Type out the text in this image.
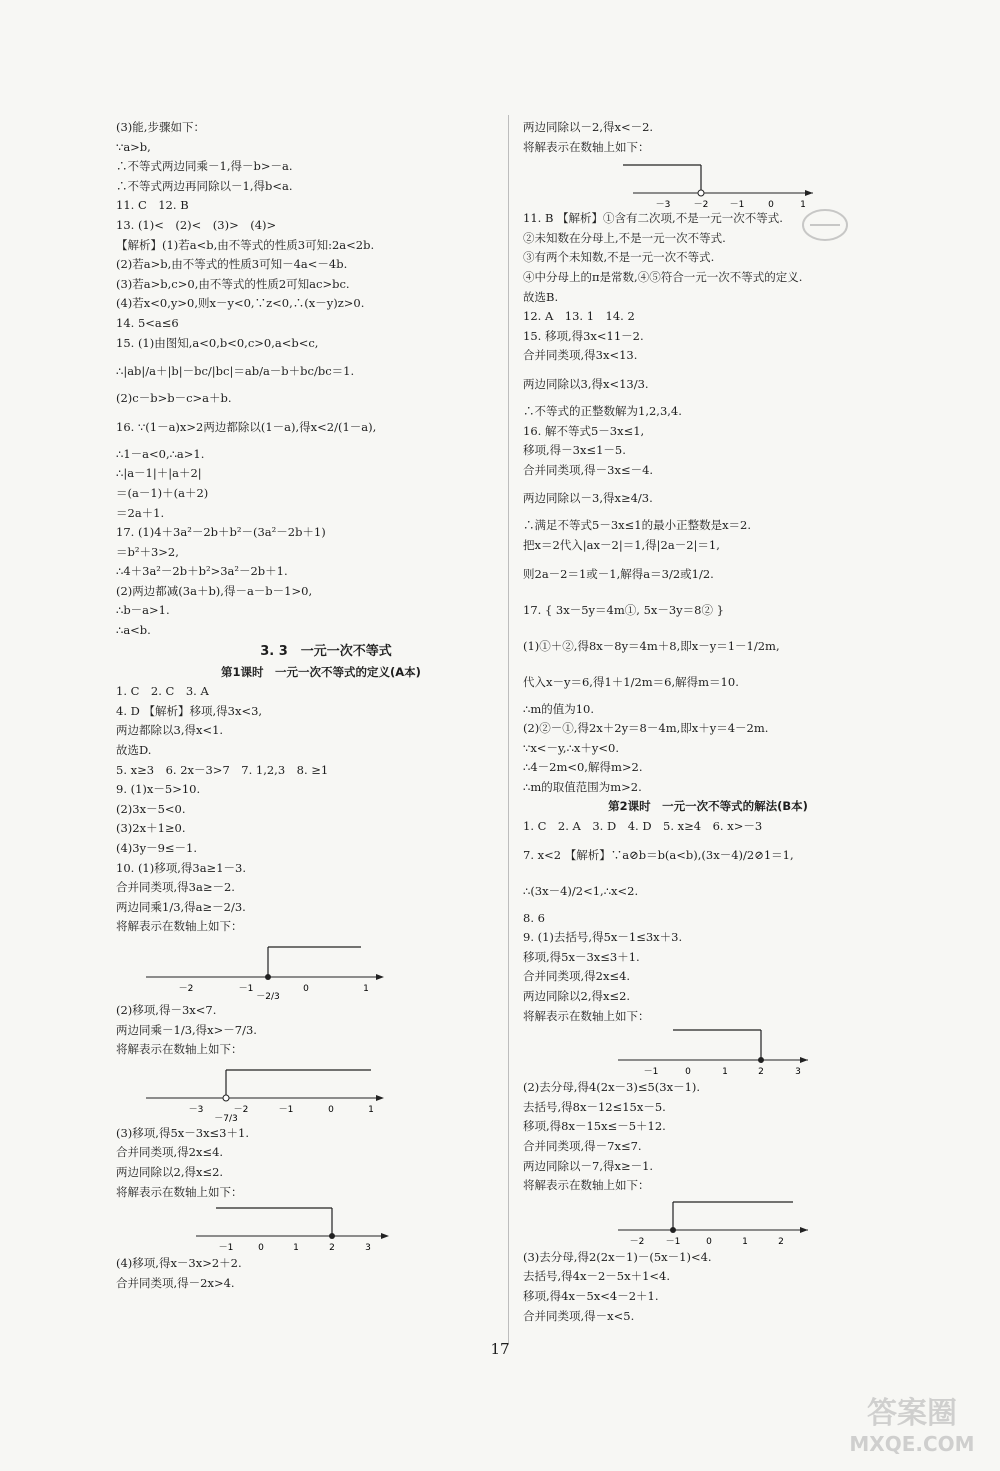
(3)能,步骤如下：
∵a>b,
∴不等式两边同乘－1,得－b>－a.
∴不等式两边再同除以－1,得b<a.
11. C　12. B
13. (1)<　(2)<　(3)>　(4)>
【解析】(1)若a<b,由不等式的性质3可知:2a<2b.
(2)若a>b,由不等式的性质3可知－4a<－4b.
(3)若a>b,c>0,由不等式的性质2可知ac>bc.
(4)若x<0,y>0,则x－y<0,∵z<0,∴(x－y)z>0.
14. 5<a≤6
15. (1)由图知,a<0,b<0,c>0,a<b<c,
∴|ab|/a＋|b|－bc/|bc|＝ab/a－b＋bc/bc＝1.
(2)c－b>b－c>a＋b.
16. ∵(1－a)x>2两边都除以(1－a),得x<2/(1－a),
∴1－a<0,∴a>1.
∴|a－1|＋|a＋2|
＝(a－1)＋(a＋2)
＝2a＋1.
17. (1)4＋3a²－2b＋b²－(3a²－2b＋1)
＝b²＋3>2,
∴4＋3a²－2b＋b²>3a²－2b＋1.
(2)两边都减(3a＋b),得－a－b－1>0,
∴b－a>1.
∴a<b.
3. 3　一元一次不等式
第1课时　一元一次不等式的定义(A本)
1. C　2. C　3. A
4. D 【解析】移项,得3x<3,
两边都除以3,得x<1.
故选D.
5. x≥3　6. 2x－3>7　7. 1,2,3　8. ≥1
9. (1)x－5>10.
(2)3x－5<0.
(3)2x＋1≥0.
(4)3y－9≤－1.
10. (1)移项,得3a≥1－3.
合并同类项,得3a≥－2.
两边同乘1/3,得a≥－2/3.
将解表示在数轴上如下：
－2	－1
－2/3
0	1
(2)移项,得－3x<7.
两边同乘－1/3,得x>－7/3.
将解表示在数轴上如下：
－3
－7/3
－2	－1	0	1
(3)移项,得5x－3x≤3＋1.
合并同类项,得2x≤4.
两边同除以2,得x≤2.
将解表示在数轴上如下：
－1	0	1	2	3
(4)移项,得x－3x>2＋2.
合并同类项,得－2x>4.
两边同除以－2,得x<－2.
将解表示在数轴上如下：
－3	－2 －1	0	1
11. B 【解析】①含有二次项,不是一元一次不等式.
②未知数在分母上,不是一元一次不等式.
③有两个未知数,不是一元一次不等式.
④中分母上的π是常数,④⑤符合一元一次不等式的定义.
故选B.
12. A　13. 1　14. 2
15. 移项,得3x<11－2.
合并同类项,得3x<13.
两边同除以3,得x<13/3.
∴不等式的正整数解为1,2,3,4.
16. 解不等式5－3x≤1,
移项,得－3x≤1－5.
合并同类项,得－3x≤－4.
两边同除以－3,得x≥4/3.
∴满足不等式5－3x≤1的最小正整数是x＝2.
把x＝2代入|ax－2|＝1,得|2a－2|＝1,
则2a－2＝1或－1,解得a＝3/2或1/2.
17. { 3x－5y＝4m①, 5x－3y＝8② }
(1)①＋②,得8x－8y＝4m＋8,即x－y＝1－1/2m,
代入x－y＝6,得1＋1/2m＝6,解得m＝10.
∴m的值为10.
(2)②－①,得2x＋2y＝8－4m,即x＋y＝4－2m.
∵x<－y,∴x＋y<0.
∴4－2m<0,解得m>2.
∴m的取值范围为m>2.
第2课时　一元一次不等式的解法(B本)
1. C　2. A　3. D　4. D　5. x≥4　6. x>－3
7. x<2 【解析】∵a⊘b＝b(a<b),(3x－4)/2⊘1＝1,
∴(3x－4)/2<1,∴x<2.
8. 6
9. (1)去括号,得5x－1≤3x＋3.
移项,得5x－3x≤3＋1.
合并同类项,得2x≤4.
两边同除以2,得x≤2.
将解表示在数轴上如下：
－1	0	1	2	3
(2)去分母,得4(2x－3)≤5(3x－1).
去括号,得8x－12≤15x－5.
移项,得8x－15x≤－5＋12.
合并同类项,得－7x≤7.
两边同除以－7,得x≥－1.
将解表示在数轴上如下：
－2 －1	0	1	2
(3)去分母,得2(2x－1)－(5x－1)<4.
去括号,得4x－2－5x＋1<4.
移项,得4x－5x<4－2＋1.
合并同类项,得－x<5.
17
答案圈
MXQE.COM
